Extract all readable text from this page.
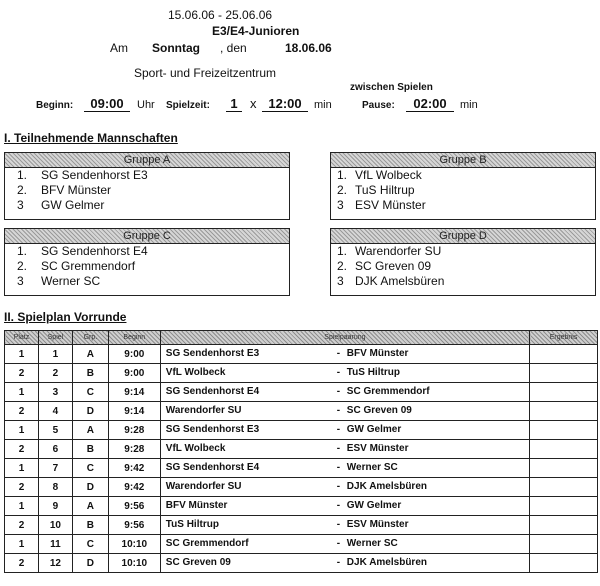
15.06.06 - 25.06.06
E3/E4-Junioren
Am Sonntag , den	18.06.06
Sport- und Freizeitzentrum
zwischen Spielen
Beginn:	09:00	Uhr Spielzeit:	1 x 12:00	min	Pause:	02:00	min
I. Teilnehmende Mannschaften
Gruppe A
1. SG Sendenhorst E3
2. BFV Münster
3 GW Gelmer
Gruppe B
1. VfL Wolbeck
2. TuS Hiltrup
3 ESV Münster
Gruppe C
1. SG Sendenhorst E4
2. SC Gremmendorf
3 Werner SC
Gruppe D
1. Warendorfer SU
2. SC Greven 09
3 DJK Amelsbüren
II. Spielplan Vorrunde
Platz	Spiel	Grp.	Beginn	Spielpaarung	Ergebnis
1	1	A	9:00	SG Sendenhorst E3 - BFV Münster	

2	2	B	9:00	VfL Wolbeck - TuS Hiltrup	

1	3	C	9:14	SG Sendenhorst E4 - SC Gremmendorf	

2	4	D	9:14	Warendorfer SU - SC Greven 09	

1	5	A	9:28	SG Sendenhorst E3 - GW Gelmer	

2	6	B	9:28	VfL Wolbeck - ESV Münster	

1	7	C	9:42	SG Sendenhorst E4 - Werner SC	

2	8	D	9:42	Warendorfer SU - DJK Amelsbüren	

1	9	A	9:56	BFV Münster - GW Gelmer	

2	10	B	9:56	TuS Hiltrup - ESV Münster	

1	11	C	10:10	SC Gremmendorf - Werner SC	

2	12	D	10:10	SC Greven 09 - DJK Amelsbüren	
